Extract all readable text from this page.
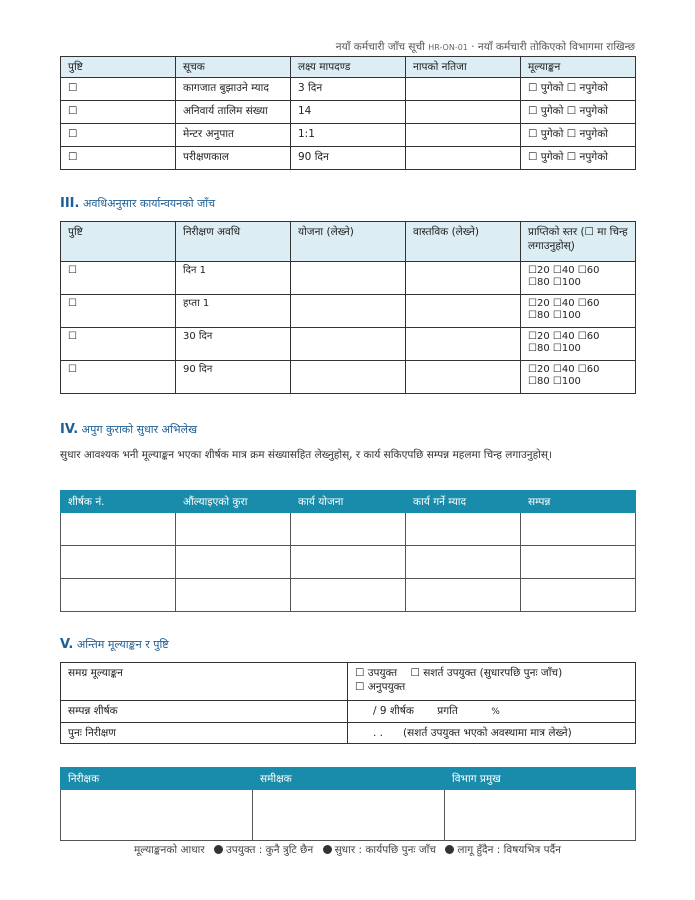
नयाँ कर्मचारी जाँच सूची HR-ON-01 · नयाँ कर्मचारी तोकिएको विभागमा राखिन्छ
पुष्टि	सूचक	लक्ष्य मापदण्ड	नापको नतिजा	मूल्याङ्कन
☐	कागजात बुझाउने म्याद	3 दिन		☐ पुगेको ☐ नपुगेको
☐	अनिवार्य तालिम संख्या	14		☐ पुगेको ☐ नपुगेको
☐	मेन्टर अनुपात	1:1		☐ पुगेको ☐ नपुगेको
☐	परीक्षणकाल	90 दिन		☐ पुगेको ☐ नपुगेको
III. अवधिअनुसार कार्यान्वयनको जाँच
पुष्टि	निरीक्षण अवधि	योजना (लेख्ने)	वास्तविक (लेख्ने)	प्राप्तिको स्तर (☐ मा चिन्ह लगाउनुहोस्)
☐	दिन 1			☐20 ☐40 ☐60
☐80 ☐100

☐	हप्ता 1			☐20 ☐40 ☐60
☐80 ☐100

☐	30 दिन			☐20 ☐40 ☐60
☐80 ☐100

☐	90 दिन			☐20 ☐40 ☐60
☐80 ☐100
IV. अपुग कुराको सुधार अभिलेख
सुधार आवश्यक भनी मूल्याङ्कन भएका शीर्षक मात्र क्रम संख्यासहित लेख्नुहोस्, र कार्य सकिएपछि सम्पन्न महलमा चिन्ह लगाउनुहोस्।
शीर्षक नं.	औंल्याइएको कुरा	कार्य योजना	कार्य गर्ने म्याद	सम्पन्न

V. अन्तिम मूल्याङ्कन र पुष्टि
समग्र मूल्याङ्कन	☐ उपयुक्त ☐ सशर्त उपयुक्त (सुधारपछि पुनः जाँच)
☐ अनुपयुक्त
सम्पन्न शीर्षक	/ 9 शीर्षक प्रगति %
पुनः निरीक्षण	. . (सशर्त उपयुक्त भएको अवस्थामा मात्र लेख्ने)
निरीक्षक	समीक्षक	विभाग प्रमुख

मूल्याङ्कनको आधार उपयुक्त : कुनै त्रुटि छैन सुधार : कार्यपछि पुनः जाँच लागू हुँदैन : विषयभित्र पर्दैन
